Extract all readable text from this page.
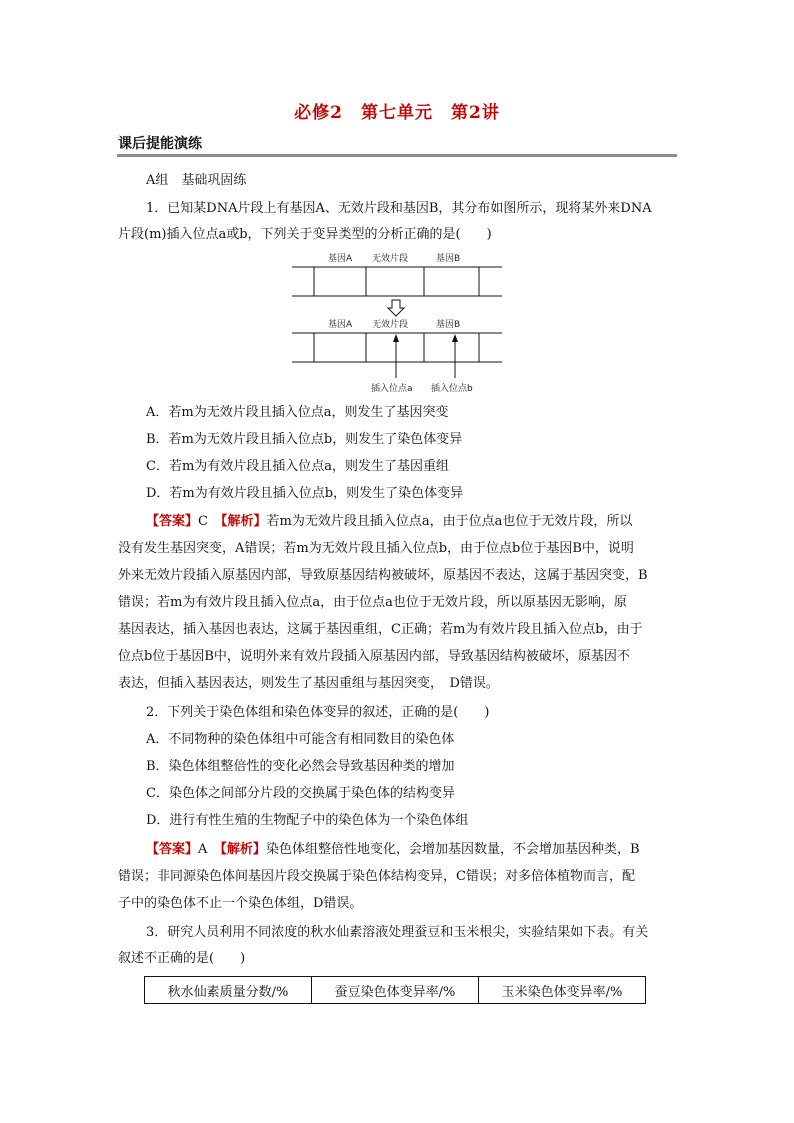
必修2　第七单元　第2讲
课后提能演练
A组　基础巩固练
1．已知某DNA片段上有基因A、无效片段和基因B，其分布如图所示，现将某外来DNA
片段(m)插入位点a或b，下列关于变异类型的分析正确的是(　　)
基因A 无效片段	基因B
基因A 无效片段	基因B
插入位点a 插入位点b
A．若m为无效片段且插入位点a，则发生了基因突变
B．若m为无效片段且插入位点b，则发生了染色体变异
C．若m为有效片段且插入位点a，则发生了基因重组
D．若m为有效片段且插入位点b，则发生了染色体变异
【答案】C　 【解析】若m为无效片段且插入位点a，由于位点a也位于无效片段，所以
没有发生基因突变，A错误；若m为无效片段且插入位点b，由于位点b位于基因B中，说明
外来无效片段插入原基因内部，导致原基因结构被破坏，原基因不表达，这属于基因突变，B
错误；若m为有效片段且插入位点a，由于位点a也位于无效片段，所以原基因无影响，原
基因表达，插入基因也表达，这属于基因重组，C正确；若m为有效片段且插入位点b，由于
位点b位于基因B中，说明外来有效片段插入原基因内部，导致基因结构被破坏，原基因不
表达，但插入基因表达，则发生了基因重组与基因突变，　D错误。
2．下列关于染色体组和染色体变异的叙述，正确的是(　　)
A．不同物种的染色体组中可能含有相同数目的染色体
B．染色体组整倍性的变化必然会导致基因种类的增加
C．染色体之间部分片段的交换属于染色体的结构变异
D．进行有性生殖的生物配子中的染色体为一个染色体组
【答案】A　 【解析】染色体组整倍性地变化，会增加基因数量，不会增加基因种类，B
错误；非同源染色体间基因片段交换属于染色体结构变异，C错误；对多倍体植物而言，配
子中的染色体不止一个染色体组，D错误。
3．研究人员利用不同浓度的秋水仙素溶液处理蚕豆和玉米根尖，实验结果如下表。有关
叙述不正确的是(　　)
秋水仙素质量分数/%	蚕豆染色体变异率/%	玉米染色体变异率/%
